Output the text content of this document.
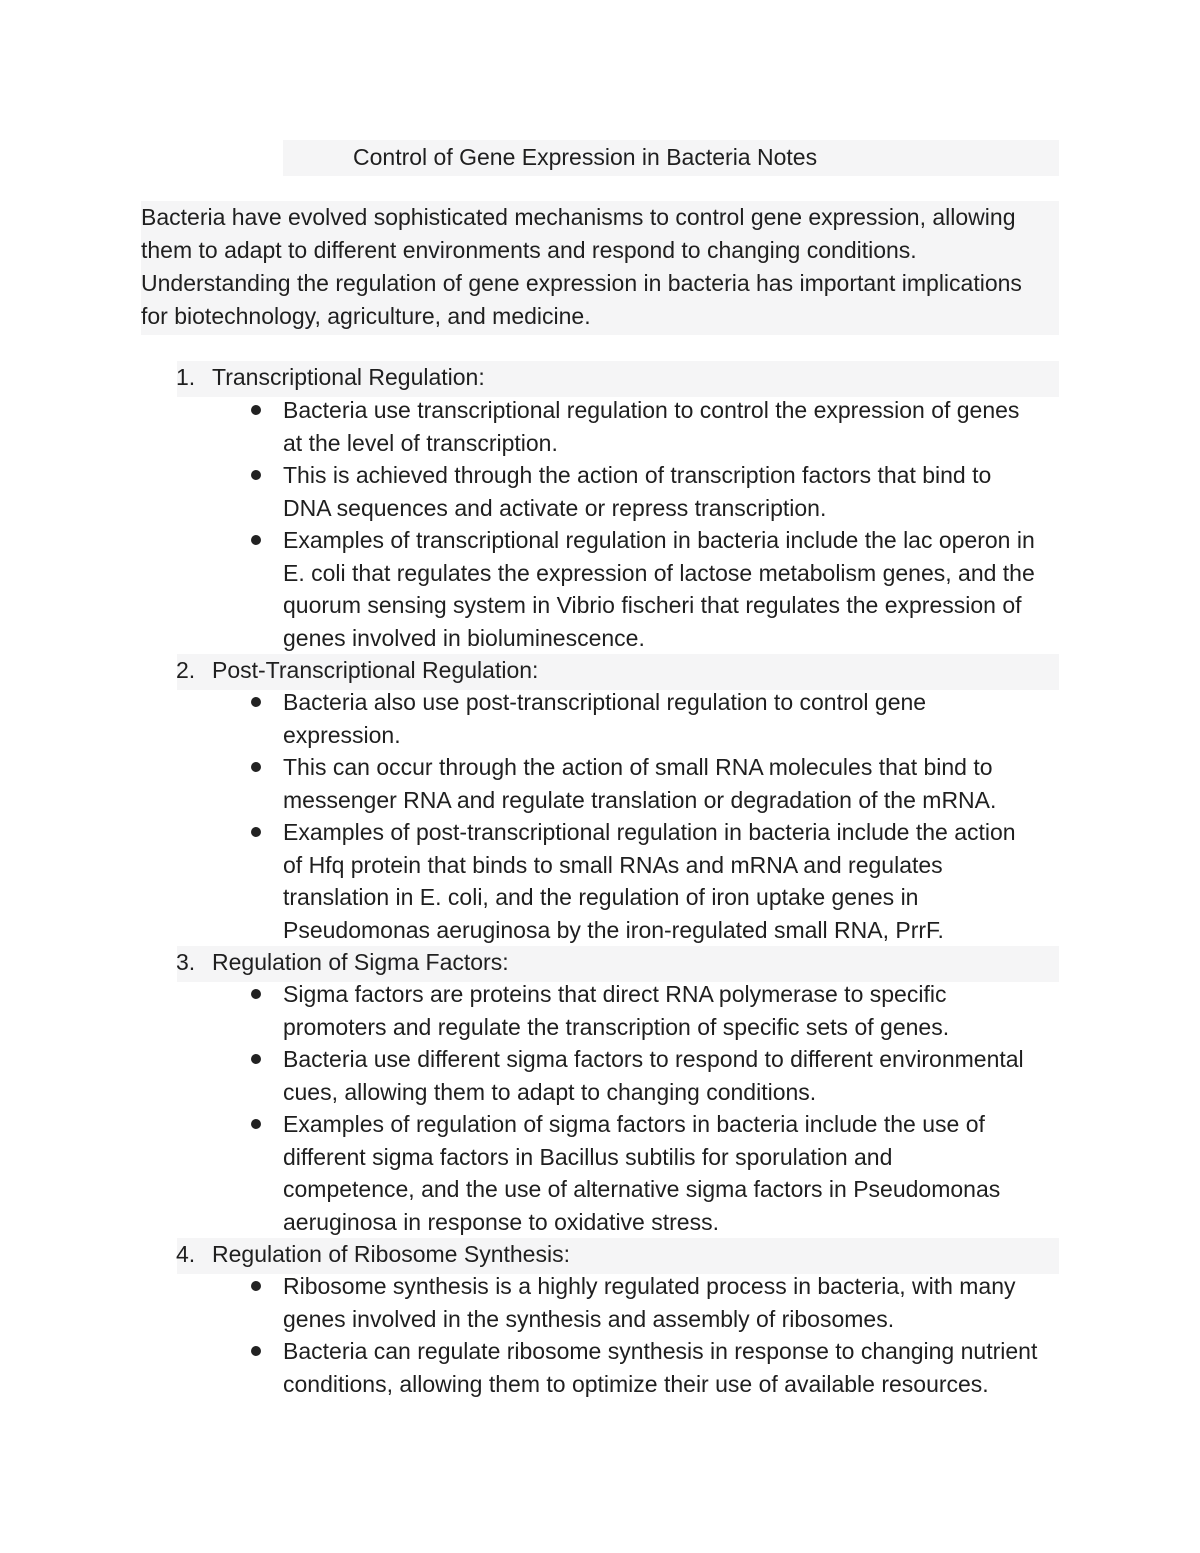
Control of Gene Expression in Bacteria Notes
Bacteria have evolved sophisticated mechanisms to control gene expression, allowing
them to adapt to different environments and respond to changing conditions.
Understanding the regulation of gene expression in bacteria has important implications
for biotechnology, agriculture, and medicine.
1. Transcriptional Regulation:
Bacteria use transcriptional regulation to control the expression of genes
at the level of transcription.
This is achieved through the action of transcription factors that bind to
DNA sequences and activate or repress transcription.
Examples of transcriptional regulation in bacteria include the lac operon in
E. coli that regulates the expression of lactose metabolism genes, and the
quorum sensing system in Vibrio fischeri that regulates the expression of
genes involved in bioluminescence.
2. Post-Transcriptional Regulation:
Bacteria also use post-transcriptional regulation to control gene
expression.
This can occur through the action of small RNA molecules that bind to
messenger RNA and regulate translation or degradation of the mRNA.
Examples of post-transcriptional regulation in bacteria include the action
of Hfq protein that binds to small RNAs and mRNA and regulates
translation in E. coli, and the regulation of iron uptake genes in
Pseudomonas aeruginosa by the iron-regulated small RNA, PrrF.
3. Regulation of Sigma Factors:
Sigma factors are proteins that direct RNA polymerase to specific
promoters and regulate the transcription of specific sets of genes.
Bacteria use different sigma factors to respond to different environmental
cues, allowing them to adapt to changing conditions.
Examples of regulation of sigma factors in bacteria include the use of
different sigma factors in Bacillus subtilis for sporulation and
competence, and the use of alternative sigma factors in Pseudomonas
aeruginosa in response to oxidative stress.
4. Regulation of Ribosome Synthesis:
Ribosome synthesis is a highly regulated process in bacteria, with many
genes involved in the synthesis and assembly of ribosomes.
Bacteria can regulate ribosome synthesis in response to changing nutrient
conditions, allowing them to optimize their use of available resources.
